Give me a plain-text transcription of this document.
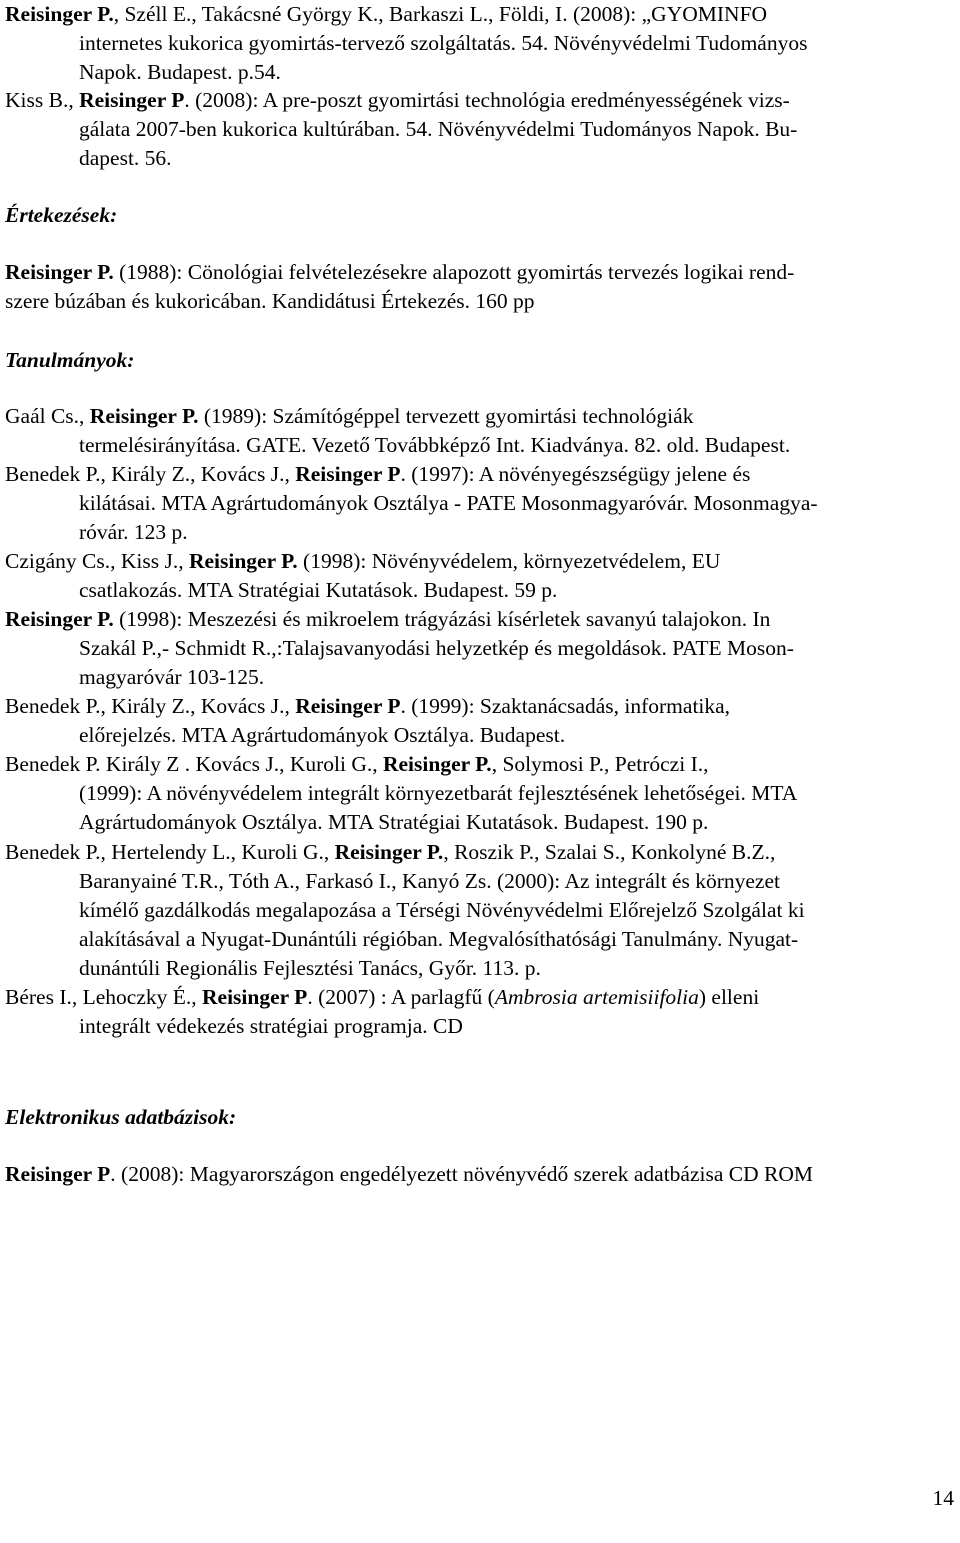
Reisinger P., Széll E., Takácsné György K., Barkaszi L., Földi, I. (2008): „GYOMINFO
internetes kukorica gyomirtás-tervező szolgáltatás. 54. Növényvédelmi Tudományos
Napok. Budapest. p.54.
Kiss B., Reisinger P. (2008): A pre-poszt gyomirtási technológia eredményességének vizs-
gálata 2007-ben kukorica kultúrában. 54. Növényvédelmi Tudományos Napok. Bu-
dapest. 56.
Értekezések:
Reisinger P. (1988): Cönológiai felvételezésekre alapozott gyomirtás tervezés logikai rend-
szere búzában és kukoricában. Kandidátusi Értekezés. 160 pp
Tanulmányok:
Gaál Cs., Reisinger P. (1989): Számítógéppel tervezett gyomirtási technológiák
termelésirányítása. GATE. Vezető Továbbképző Int. Kiadványa. 82. old. Budapest.
Benedek P., Király Z., Kovács J., Reisinger P. (1997): A növényegészségügy jelene és
kilátásai. MTA Agrártudományok Osztálya - PATE Mosonmagyaróvár. Mosonmagya-
róvár. 123 p.
Czigány Cs., Kiss J., Reisinger P. (1998): Növényvédelem, környezetvédelem, EU
csatlakozás. MTA Stratégiai Kutatások. Budapest. 59 p.
Reisinger P. (1998): Meszezési és mikroelem trágyázási kísérletek savanyú talajokon. In
Szakál P.,- Schmidt R.,:Talajsavanyodási helyzetkép és megoldások. PATE Moson-
magyaróvár 103-125.
Benedek P., Király Z., Kovács J., Reisinger P. (1999): Szaktanácsadás, informatika,
előrejelzés. MTA Agrártudományok Osztálya. Budapest.
Benedek P. Király Z . Kovács J., Kuroli G., Reisinger P., Solymosi P., Petróczi I.,
(1999): A növényvédelem integrált környezetbarát fejlesztésének lehetőségei. MTA
Agrártudományok Osztálya. MTA Stratégiai Kutatások. Budapest. 190 p.
Benedek P., Hertelendy L., Kuroli G., Reisinger P., Roszik P., Szalai S., Konkolyné B.Z.,
Baranyainé T.R., Tóth A., Farkasó I., Kanyó Zs. (2000): Az integrált és környezet
kímélő gazdálkodás megalapozása a Térségi Növényvédelmi Előrejelző Szolgálat ki
alakításával a Nyugat-Dunántúli régióban. Megvalósíthatósági Tanulmány. Nyugat-
dunántúli Regionális Fejlesztési Tanács, Győr. 113. p.
Béres I., Lehoczky É., Reisinger P. (2007) : A parlagfű (Ambrosia artemisiifolia) elleni
integrált védekezés stratégiai programja. CD
Elektronikus adatbázisok:
Reisinger P. (2008): Magyarországon engedélyezett növényvédő szerek adatbázisa CD ROM
14
